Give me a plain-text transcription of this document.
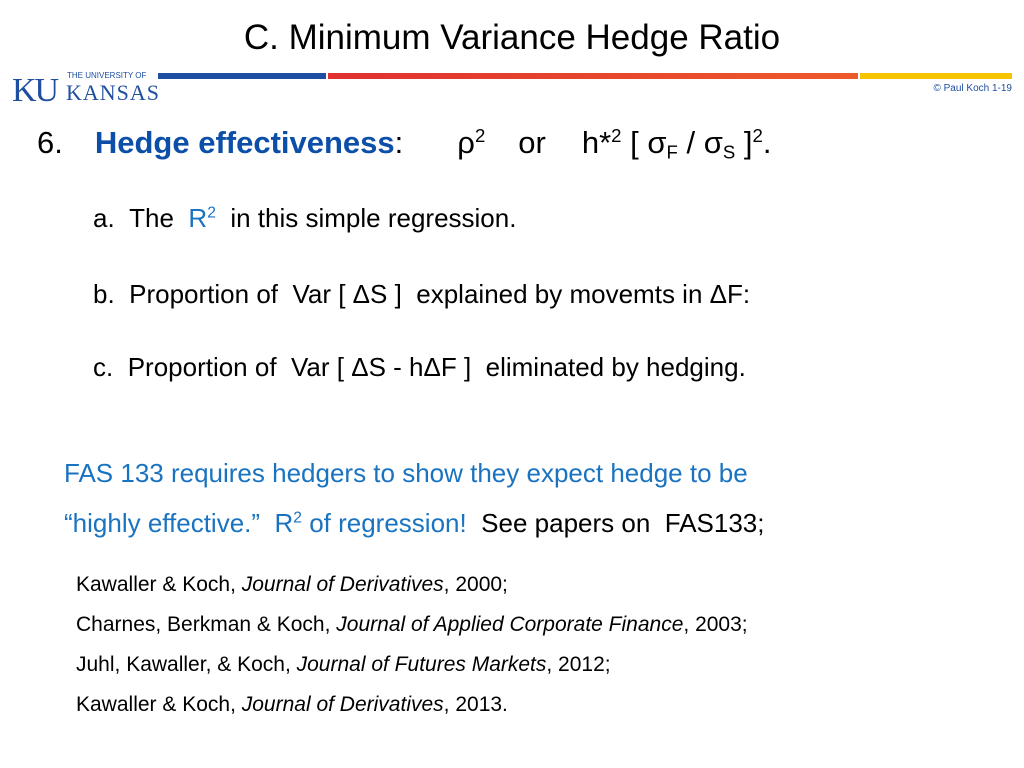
C. Minimum Variance Hedge Ratio
KU THE UNIVERSITY OF
KANSAS	© Paul Koch 1-19
6. Hedge effectiveness: $\rho^2$ or h*$^2$ [ $\sigma_F / \sigma_S$ ]$^2$.
a. The $R^2$ in this simple regression.
b. Proportion of  Var [ ΔS ]  explained by movemts in ΔF:
c. Proportion of  Var [ ΔS - hΔF ]  eliminated by hedging.
FAS 133 requires hedgers to show they expect hedge to be
“highly effective.”  $R^2$ of regression! See papers on  FAS133;
Kawaller & Koch, Journal of Derivatives, 2000;
Charnes, Berkman & Koch, Journal of Applied Corporate Finance, 2003;
Juhl, Kawaller, & Koch, Journal of Futures Markets, 2012;
Kawaller & Koch, Journal of Derivatives, 2013.
